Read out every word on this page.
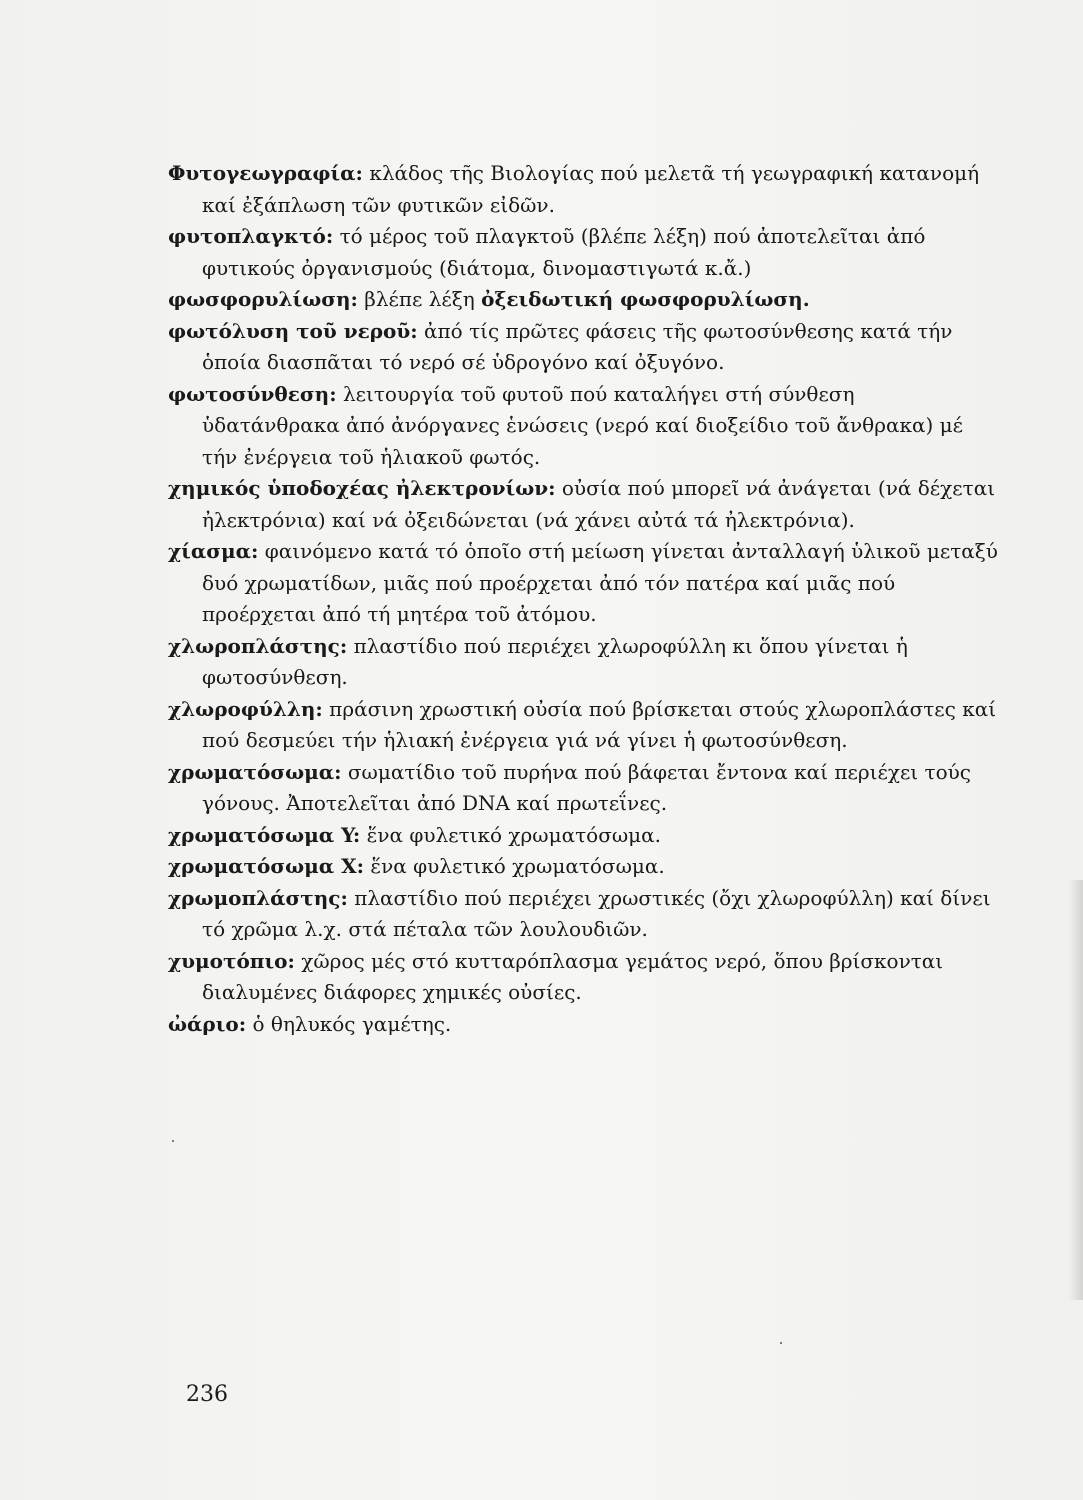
Φυτογεωγραφία: κλάδος τῆς Βιολογίας πού μελετᾶ τή γεωγραφική κατανομή καί ἐξάπλωση τῶν φυτικῶν εἰδῶν.

φυτοπλαγκτό: τό μέρος τοῦ πλαγκτοῦ (βλέπε λέξη) πού ἀποτελεῖται ἀπό φυτικούς ὀργανισμούς (διάτομα, δινομαστιγωτά κ.ἄ.)

φωσφορυλίωση: βλέπε λέξη ὀξειδωτική φωσφορυλίωση.

φωτόλυση τοῦ νεροῦ: ἀπό τίς πρῶτες φάσεις τῆς φωτοσύνθεσης κατά τήν ὁποία διασπᾶται τό νερό σέ ὑδρογόνο καί ὀξυγόνο.

φωτοσύνθεση: λειτουργία τοῦ φυτοῦ πού καταλήγει στή σύνθεση ὑδατάνθρακα ἀπό ἀνόργανες ἑνώσεις (νερό καί διοξείδιο τοῦ ἄνθρακα) μέ τήν ἐνέργεια τοῦ ἡλιακοῦ φωτός.

χημικός ὑποδοχέας ἠλεκτρονίων: οὐσία πού μπορεῖ νά ἀνάγεται (νά δέχεται ἠλεκτρόνια) καί νά ὀξειδώνεται (νά χάνει αὐτά τά ἠλεκτρόνια).

χίασμα: φαινόμενο κατά τό ὁποῖο στή μείωση γίνεται ἀνταλλαγή ὑλικοῦ μεταξύ δυό χρωματίδων, μιᾶς πού προέρχεται ἀπό τόν πατέρα καί μιᾶς πού προέρχεται ἀπό τή μητέρα τοῦ ἀτόμου.

χλωροπλάστης: πλαστίδιο πού περιέχει χλωροφύλλη κι ὅπου γίνεται ἡ φωτοσύνθεση.

χλωροφύλλη: πράσινη χρωστική οὐσία πού βρίσκεται στούς χλωροπλάστες καί πού δεσμεύει τήν ἡλιακή ἐνέργεια γιά νά γίνει ἡ φωτοσύνθεση.

χρωματόσωμα: σωματίδιο τοῦ πυρήνα πού βάφεται ἔντονα καί περιέχει τούς γόνους. Ἀποτελεῖται ἀπό DNA καί πρωτεΐνες.

χρωματόσωμα Y: ἕνα φυλετικό χρωματόσωμα.

χρωματόσωμα X: ἕνα φυλετικό χρωματόσωμα.

χρωμοπλάστης: πλαστίδιο πού περιέχει χρωστικές (ὄχι χλωροφύλλη) καί δίνει τό χρῶμα λ.χ. στά πέταλα τῶν λουλουδιῶν.

χυμοτόπιο: χῶρος μές στό κυτταρόπλασμα γεμάτος νερό, ὅπου βρίσκονται διαλυμένες διάφορες χημικές οὐσίες.

ὠάριο: ὁ θηλυκός γαμέτης.

236
